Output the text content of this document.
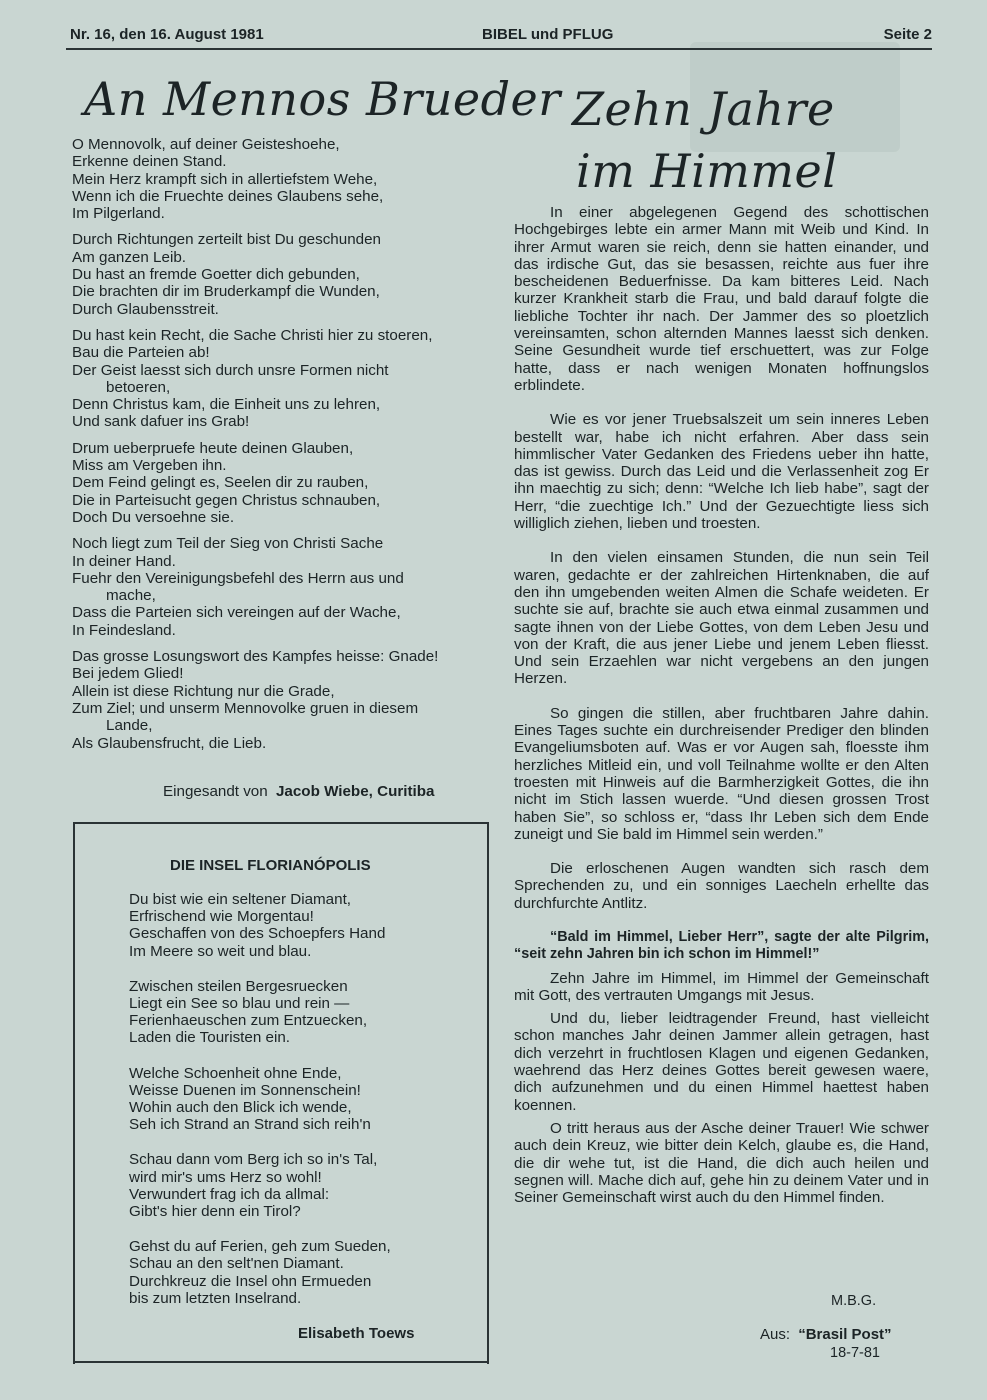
Nr. 16, den 16. August 1981	BIBEL und PFLUG	Seite 2
An Mennos Brueder
O Mennovolk, auf deiner Geisteshoehe,
Erkenne deinen Stand.
Mein Herz krampft sich in allertiefstem Wehe,
Wenn ich die Fruechte deines Glaubens sehe,
Im Pilgerland.
Durch Richtungen zerteilt bist Du geschunden
Am ganzen Leib.
Du hast an fremde Goetter dich gebunden,
Die brachten dir im Bruderkampf die Wunden,
Durch Glaubensstreit.
Du hast kein Recht, die Sache Christi hier zu stoeren,
Bau die Parteien ab!
Der Geist laesst sich durch unsre Formen nicht
betoeren,
Denn Christus kam, die Einheit uns zu lehren,
Und sank dafuer ins Grab!
Drum ueberpruefe heute deinen Glauben,
Miss am Vergeben ihn.
Dem Feind gelingt es, Seelen dir zu rauben,
Die in Parteisucht gegen Christus schnauben,
Doch Du versoehne sie.
Noch liegt zum Teil der Sieg von Christi Sache
In deiner Hand.
Fuehr den Vereinigungsbefehl des Herrn aus und
mache,
Dass die Parteien sich vereingen auf der Wache,
In Feindesland.
Das grosse Losungswort des Kampfes heisse: Gnade!
Bei jedem Glied!
Allein ist diese Richtung nur die Grade,
Zum Ziel; und unserm Mennovolke gruen in diesem
Lande,
Als Glaubensfrucht, die Lieb.
Eingesandt von Jacob Wiebe, Curitiba
DIE INSEL FLORIANÓPOLIS
Du bist wie ein seltener Diamant,
Erfrischend wie Morgentau!
Geschaffen von des Schoepfers Hand
Im Meere so weit und blau.
Zwischen steilen Bergesruecken
Liegt ein See so blau und rein —
Ferienhaeuschen zum Entzuecken,
Laden die Touristen ein.
Welche Schoenheit ohne Ende,
Weisse Duenen im Sonnenschein!
Wohin auch den Blick ich wende,
Seh ich Strand an Strand sich reih'n
Schau dann vom Berg ich so in's Tal,
wird mir's ums Herz so wohl!
Verwundert frag ich da allmal:
Gibt's hier denn ein Tirol?
Gehst du auf Ferien, geh zum Sueden,
Schau an den selt'nen Diamant.
Durchkreuz die Insel ohn Ermueden
bis zum letzten Inselrand.
Elisabeth Toews
Zehn Jahre
im Himmel

In einer abgelegenen Gegend des schottischen Hochgebirges lebte ein armer Mann mit Weib und Kind. In ihrer Armut waren sie reich, denn sie hatten einander, und das irdische Gut, das sie besassen, reichte aus fuer ihre bescheidenen Beduerfnisse. Da kam bitteres Leid. Nach kurzer Krankheit starb die Frau, und bald darauf folgte die liebliche Tochter ihr nach. Der Jammer des so ploetzlich vereinsamten, schon alternden Mannes laesst sich denken. Seine Gesundheit wurde tief erschuettert, was zur Folge hatte, dass er nach wenigen Monaten hoffnungslos erblindete.

Wie es vor jener Truebsalszeit um sein inneres Leben bestellt war, habe ich nicht erfahren. Aber dass sein himmlischer Vater Gedanken des Friedens ueber ihn hatte, das ist gewiss. Durch das Leid und die Verlassenheit zog Er ihn maechtig zu sich; denn: “Welche Ich lieb habe”, sagt der Herr, “die zuechtige Ich.” Und der Gezuechtigte liess sich williglich ziehen, lieben und troesten.

In den vielen einsamen Stunden, die nun sein Teil waren, gedachte er der zahlreichen Hirtenknaben, die auf den ihn umgebenden weiten Almen die Schafe weideten. Er suchte sie auf, brachte sie auch etwa einmal zusammen und sagte ihnen von der Liebe Gottes, von dem Leben Jesu und von der Kraft, die aus jener Liebe und jenem Leben fliesst. Und sein Erzaehlen war nicht vergebens an den jungen Herzen.

So gingen die stillen, aber fruchtbaren Jahre dahin. Eines Tages suchte ein durchreisender Prediger den blinden Evangeliumsboten auf. Was er vor Augen sah, floesste ihm herzliches Mitleid ein, und voll Teilnahme wollte er den Alten troesten mit Hinweis auf die Barmherzigkeit Gottes, die ihn nicht im Stich lassen wuerde. “Und diesen grossen Trost haben Sie”, so schloss er, “dass Ihr Leben sich dem Ende zuneigt und Sie bald im Himmel sein werden.”

Die erloschenen Augen wandten sich rasch dem Sprechenden zu, und ein sonniges Laecheln erhellte das durchfurchte Antlitz.

“Bald im Himmel, Lieber Herr”, sagte der alte Pilgrim, “seit zehn Jahren bin ich schon im Himmel!”

Zehn Jahre im Himmel, im Himmel der Gemeinschaft mit Gott, des vertrauten Umgangs mit Jesus.

Und du, lieber leidtragender Freund, hast vielleicht schon manches Jahr deinen Jammer allein getragen, hast dich verzehrt in fruchtlosen Klagen und eigenen Gedanken, waehrend das Herz deines Gottes bereit gewesen waere, dich aufzunehmen und du einen Himmel haettest haben koennen.

O tritt heraus aus der Asche deiner Trauer! Wie schwer auch dein Kreuz, wie bitter dein Kelch, glaube es, die Hand, die dir wehe tut, ist die Hand, die dich auch heilen und segnen will. Mache dich auf, gehe hin zu deinem Vater und in Seiner Gemeinschaft wirst auch du den Himmel finden.

M.B.G.
Aus: “Brasil Post”
18-7-81
